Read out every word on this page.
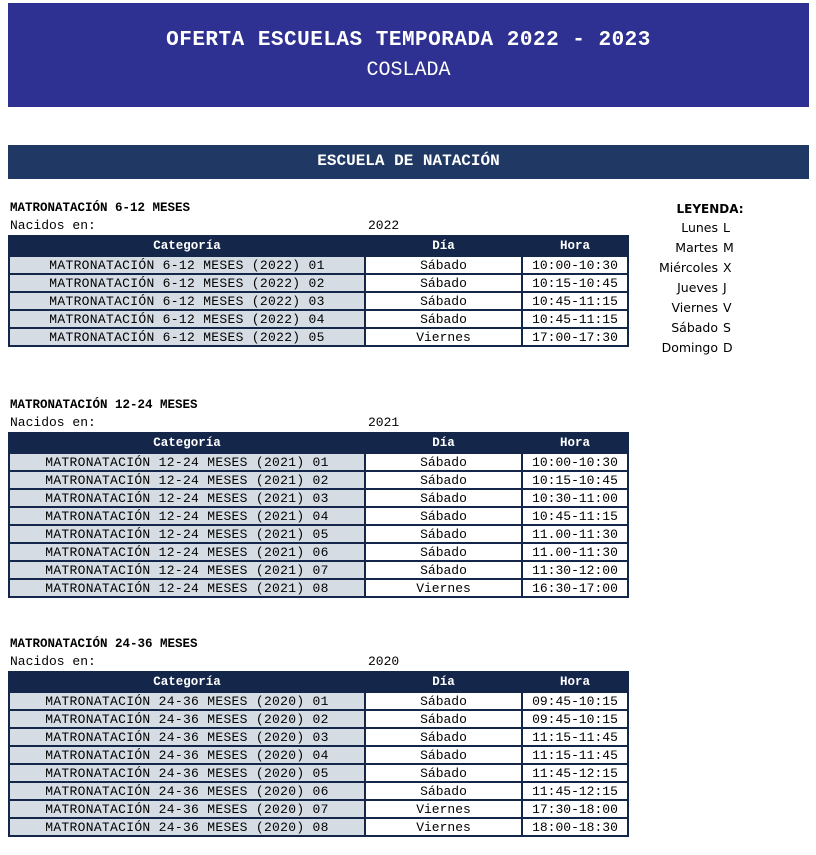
OFERTA ESCUELAS TEMPORADA 2022 - 2023
COSLADA
ESCUELA DE NATACIÓN
MATRONATACIÓN 6-12 MESES
Nacidos en:	2022
Categoría	Día	Hora
MATRONATACIÓN 6-12 MESES (2022) 01	Sábado	10:00-10:30
MATRONATACIÓN 6-12 MESES (2022) 02	Sábado	10:15-10:45
MATRONATACIÓN 6-12 MESES (2022) 03	Sábado	10:45-11:15
MATRONATACIÓN 6-12 MESES (2022) 04	Sábado	10:45-11:15
MATRONATACIÓN 6-12 MESES (2022) 05	Viernes	17:00-17:30
MATRONATACIÓN 12-24 MESES
Nacidos en:	2021
Categoría	Día	Hora
MATRONATACIÓN 12-24 MESES (2021) 01	Sábado	10:00-10:30
MATRONATACIÓN 12-24 MESES (2021) 02	Sábado	10:15-10:45
MATRONATACIÓN 12-24 MESES (2021) 03	Sábado	10:30-11:00
MATRONATACIÓN 12-24 MESES (2021) 04	Sábado	10:45-11:15
MATRONATACIÓN 12-24 MESES (2021) 05	Sábado	11.00-11:30
MATRONATACIÓN 12-24 MESES (2021) 06	Sábado	11.00-11:30
MATRONATACIÓN 12-24 MESES (2021) 07	Sábado	11:30-12:00
MATRONATACIÓN 12-24 MESES (2021) 08	Viernes	16:30-17:00
MATRONATACIÓN 24-36 MESES
Nacidos en:	2020
Categoría	Día	Hora
MATRONATACIÓN 24-36 MESES (2020) 01	Sábado	09:45-10:15
MATRONATACIÓN 24-36 MESES (2020) 02	Sábado	09:45-10:15
MATRONATACIÓN 24-36 MESES (2020) 03	Sábado	11:15-11:45
MATRONATACIÓN 24-36 MESES (2020) 04	Sábado	11:15-11:45
MATRONATACIÓN 24-36 MESES (2020) 05	Sábado	11:45-12:15
MATRONATACIÓN 24-36 MESES (2020) 06	Sábado	11:45-12:15
MATRONATACIÓN 24-36 MESES (2020) 07	Viernes	17:30-18:00
MATRONATACIÓN 24-36 MESES (2020) 08	Viernes	18:00-18:30
LEYENDA:
Lunes L
Martes M
Miércoles X
Jueves J
Viernes V
Sábado S
Domingo D
